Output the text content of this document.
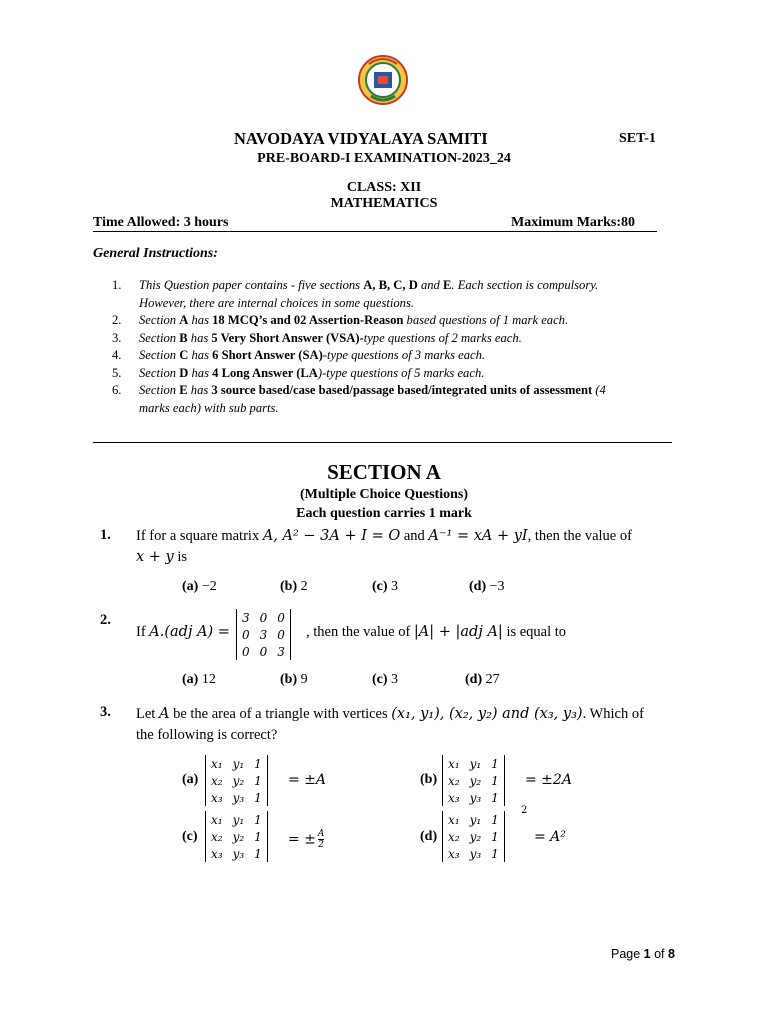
NAVODAYA VIDYALAYA SAMITI	SET-1
PRE-BOARD-I EXAMINATION-2023_24
CLASS: XII
MATHEMATICS
Time Allowed: 3 hours	Maximum Marks:80
General Instructions:
1. This Question paper contains - five sections A, B, C, D and E. Each section is compulsory.
However, there are internal choices in some questions.
2. Section A has 18 MCQ’s and 02 Assertion-Reason based questions of 1 mark each.
3. Section B has 5 Very Short Answer (VSA)-type questions of 2 marks each.
4. Section C has 6 Short Answer (SA)-type questions of 3 marks each.
5. Section D has 4 Long Answer (LA)-type questions of 5 marks each.
6. Section E has 3 source based/case based/passage based/integrated units of assessment (4
marks each) with sub parts.
SECTION A
(Multiple Choice Questions)
Each question carries 1 mark
1. If for a square matrix A, A² − 3A + I = O and A⁻¹ = xA + yI, then the value of
x + y is
(a) −2	(b) 2	(c) 3	(d) −3
2.
If A.(adj A) =
3	0	0
0	3	0
0	0	3
, then the value of |A| + |adj A| is equal to
(a) 12	(b) 9	(c) 3	(d) 27
3. Let A be the area of a triangle with vertices (x₁, y₁), (x₂, y₂) and (x₃, y₃). Which of
the following is correct?
(a)
x₁	y₁	1
x₂	y₂	1
x₃	y₃	1
= ±A	(b)
x₁	y₁	1
x₂	y₂	1
x₃	y₃	1
= ±2A
(c)
x₁	y₁	1
x₂	y₂	1
x₃	y₃	1
= ± $\frac{A}{2}$	(d)
x₁	y₁	1
x₂	y₂	1
x₃	y₃	1
2
= A²
Page 1 of 8
